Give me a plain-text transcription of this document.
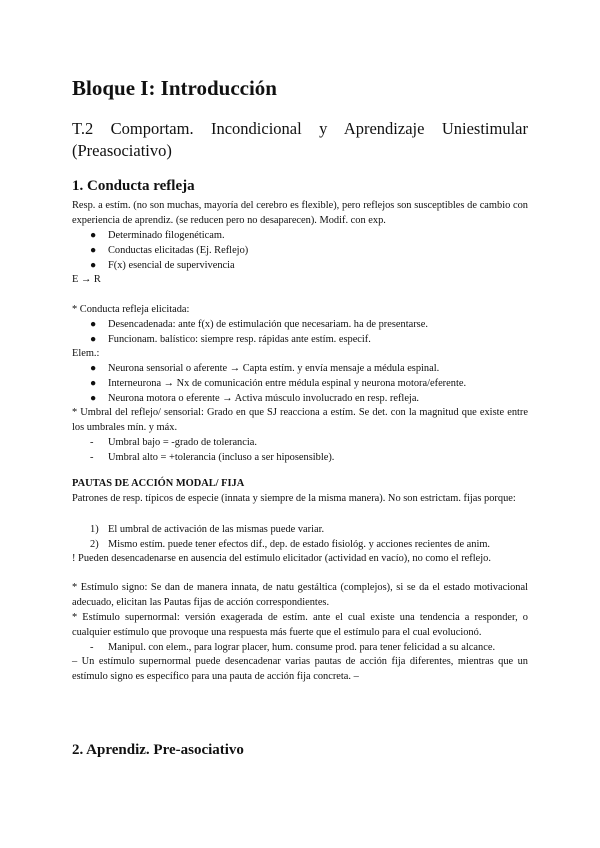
Bloque I: Introducción
T.2 Comportam. Incondicional y Aprendizaje Uniestimular (Preasociativo)
1. Conducta refleja

Resp. a estím. (no son muchas, mayoría del cerebro es flexible), pero reflejos son susceptibles de cambio con experiencia de aprendiz. (se reducen pero no desaparecen). Modif. con exp.

●	Determinado filogenéticam.
●	Conductas elicitadas (Ej. Reflejo)
●	F(x) esencial de supervivencia

E → R

* Conducta refleja elicitada:

●	Desencadenada: ante f(x) de estimulación que necesariam. ha de presentarse.
●	Funcionam. balístico: siempre resp. rápidas ante estím. especif.

Elem.:

●	Neurona sensorial o aferente → Capta estím. y envía mensaje a médula espinal.
●	Interneurona → Nx de comunicación entre médula espinal y neurona motora/eferente.
●	Neurona motora o eferente → Activa músculo involucrado en resp. refleja.

* Umbral del reflejo/ sensorial: Grado en que SJ reacciona a estím. Se det. con la magnitud que existe entre los umbrales mín. y máx.

-	Umbral bajo = -grado de tolerancia.
-	Umbral alto = +tolerancia (incluso a ser hiposensible).

PAUTAS DE ACCIÓN MODAL/ FIJA

Patrones de resp. típicos de especie (innata y siempre de la misma manera). No son estrictam. fijas porque:

1) El umbral de activación de las mismas puede variar.
2) Mismo estím. puede tener efectos dif., dep. de estado fisiológ. y acciones recientes de anim.

! Pueden desencadenarse en ausencia del estímulo elicitador (actividad en vacío), no como el reflejo.

* Estímulo signo: Se dan de manera innata, de natu gestáltica (complejos), si se da el estado motivacional adecuado, elicitan las Pautas fijas de acción correspondientes.

* Estímulo supernormal: versión exagerada de estím. ante el cual existe una tendencia a responder, o cualquier estímulo que provoque una respuesta más fuerte que el estímulo para el cual evolucionó.

-	Manipul. con elem., para lograr placer, hum. consume prod. para tener felicidad a su alcance.

– Un estímulo supernormal puede desencadenar varias pautas de acción fija diferentes, mientras que un estímulo signo es específico para una pauta de acción fija concreta. –

2. Aprendiz. Pre-asociativo
